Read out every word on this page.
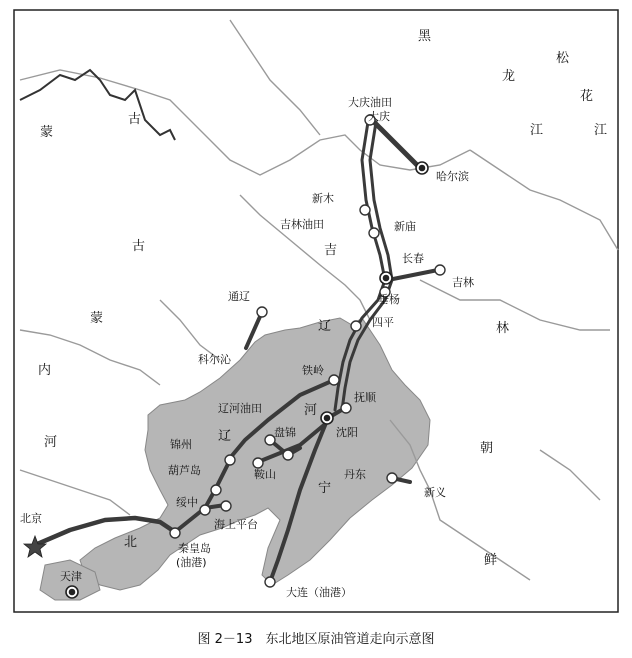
蒙
古
黑
龙
江
松
花
江
吉
林
古
蒙
内
辽
河
河	辽
宁
北
朝
鲜
大庆油田
大庆
哈尔滨
新木
吉林油田	新庙
长春
吉林
垂杨
四平
通辽
科尔沁
铁岭
辽河油田
抚顺
沈阳
锦州
盘锦
葫芦岛	鞍山	丹东
新义
绥中
海上平台
北京
秦皇岛
(油港)
天津
大连（油港）
图 2－13　东北地区原油管道走向示意图
